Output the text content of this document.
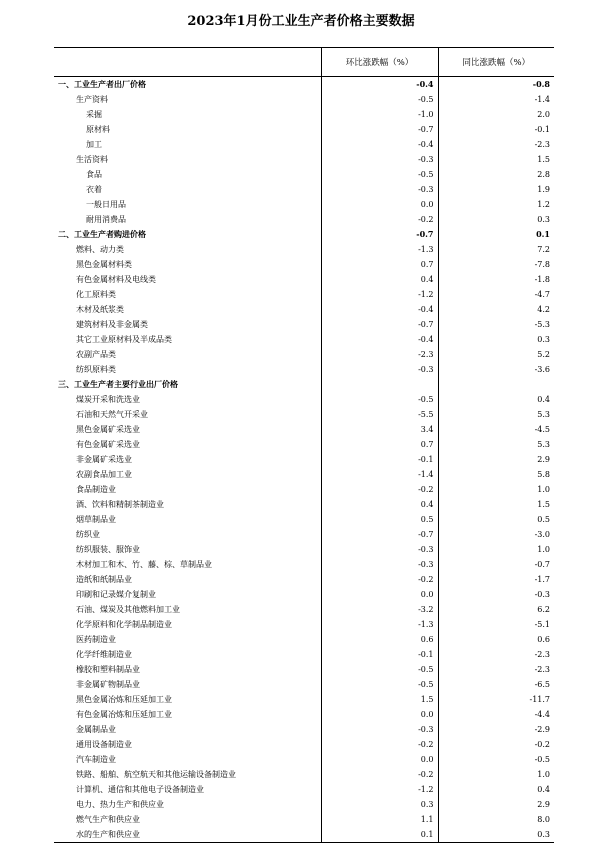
2023年1月份工业生产者价格主要数据
	环比涨跌幅（%）	同比涨跌幅（%）
一、工业生产者出厂价格	-0.4	-0.8
生产资料	-0.5	-1.4
采掘	-1.0	2.0
原材料	-0.7	-0.1
加工	-0.4	-2.3
生活资料	-0.3	1.5
食品	-0.5	2.8
衣着	-0.3	1.9
一般日用品	0.0	1.2
耐用消费品	-0.2	0.3
二、工业生产者购进价格	-0.7	0.1
燃料、动力类	-1.3	7.2
黑色金属材料类	0.7	-7.8
有色金属材料及电线类	0.4	-1.8
化工原料类	-1.2	-4.7
木材及纸浆类	-0.4	4.2
建筑材料及非金属类	-0.7	-5.3
其它工业原材料及半成品类	-0.4	0.3
农副产品类	-2.3	5.2
纺织原料类	-0.3	-3.6
三、工业生产者主要行业出厂价格		
煤炭开采和洗选业	-0.5	0.4
石油和天然气开采业	-5.5	5.3
黑色金属矿采选业	3.4	-4.5
有色金属矿采选业	0.7	5.3
非金属矿采选业	-0.1	2.9
农副食品加工业	-1.4	5.8
食品制造业	-0.2	1.0
酒、饮料和精制茶制造业	0.4	1.5
烟草制品业	0.5	0.5
纺织业	-0.7	-3.0
纺织服装、服饰业	-0.3	1.0
木材加工和木、竹、藤、棕、草制品业	-0.3	-0.7
造纸和纸制品业	-0.2	-1.7
印刷和记录媒介复制业	0.0	-0.3
石油、煤炭及其他燃料加工业	-3.2	6.2
化学原料和化学制品制造业	-1.3	-5.1
医药制造业	0.6	0.6
化学纤维制造业	-0.1	-2.3
橡胶和塑料制品业	-0.5	-2.3
非金属矿物制品业	-0.5	-6.5
黑色金属冶炼和压延加工业	1.5	-11.7
有色金属冶炼和压延加工业	0.0	-4.4
金属制品业	-0.3	-2.9
通用设备制造业	-0.2	-0.2
汽车制造业	0.0	-0.5
铁路、船舶、航空航天和其他运输设备制造业	-0.2	1.0
计算机、通信和其他电子设备制造业	-1.2	0.4
电力、热力生产和供应业	0.3	2.9
燃气生产和供应业	1.1	8.0
水的生产和供应业	0.1	0.3
